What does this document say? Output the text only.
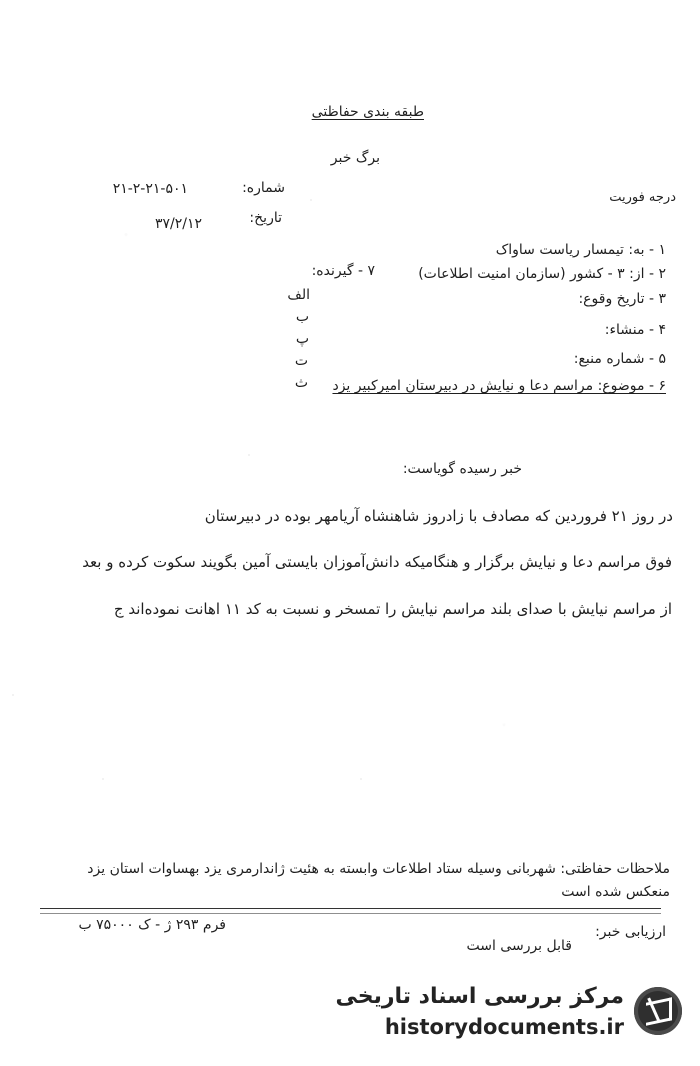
طبقه بندی حفاظتی
برگ خبر
درجه فوریت
شماره:
۲۱-۲-۲۱-۵۰۱
تاریخ:
۳۷/۲/۱۲
۱ - به: تیمسار ریاست ساواک
۲ - از: ۳ - کشور (سازمان امنیت اطلاعات)
۷ - گیرنده:
الف
ب
پ
ت
ث
۳ - تاریخ وقوع:
۴ - منشاء:
۵ - شماره منبع:
۶ - موضوع: مراسم دعا و نیایش در دبیرستان امیرکبیر یزد
خبر رسیده گویاست:
در روز ۲۱ فروردین که مصادف با زادروز شاهنشاه آریامهر بوده در دبیرستان
فوق مراسم دعا و نیایش برگزار و هنگامیکه دانش‌آموزان بایستی آمین بگویند سکوت کرده و بعد
از مراسم نیایش با صدای بلند مراسم نیایش را تمسخر و نسبت به کد ۱۱ اهانت نموده‌اند ج
ملاحظات حفاظتی: شهربانی وسیله ستاد اطلاعات وابسته به هئیت ژاندارمری یزد بهساوات استان یزد منعکس شده است
ارزیابی خبر:
قابل بررسی است
فرم ۲۹۳ ژ - ک ۷۵۰۰۰ ب
مرکز بررسی اسناد تاریخی
historydocuments.ir
